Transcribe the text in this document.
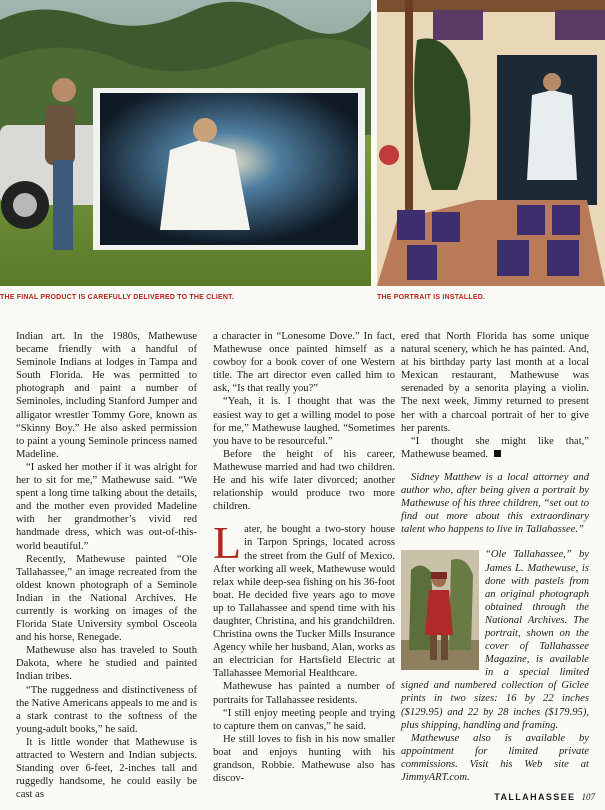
THE FINAL PRODUCT IS CAREFULLY DELIVERED TO THE CLIENT.	THE PORTRAIT IS INSTALLED.

Indian art. In the 1980s, Mathewuse became friendly with a handful of Seminole Indians at lodges in Tampa and South Florida. He was permitted to photograph and paint a number of Seminoles, including Stanford Jumper and alligator wrestler Tommy Gore, known as “Skinny Boy.” He also asked permission to paint a young Seminole princess named Madeline.

“I asked her mother if it was alright for her to sit for me,” Mathewuse said. “We spent a long time talking about the details, and the mother even provided Madeline with her grandmother’s vivid red handmade dress, which was out-of-this-world beautiful.”

Recently, Mathewuse painted “Ole Tallahassee,” an image recreated from the oldest known photograph of a Seminole Indian in the National Archives. He currently is working on images of the Florida State University symbol Osceola and his horse, Renegade.

Mathewuse also has traveled to South Dakota, where he studied and painted Indian tribes.

“The ruggedness and distinctiveness of the Native Americans appeals to me and is a stark contrast to the softness of the young-adult books,” he said.

It is little wonder that Mathewuse is attracted to Western and Indian subjects. Standing over 6-feet, 2-inches tall and ruggedly handsome, he could easily be cast as

a character in “Lonesome Dove.” In fact, Mathewuse once painted himself as a cowboy for a book cover of one Western title. The art director even called him to ask, “Is that really you?”

“Yeah, it is. I thought that was the easiest way to get a willing model to pose for me,” Mathewuse laughed. “Sometimes you have to be resourceful.”

Before the height of his career, Mathewuse married and had two children. He and his wife later divorced; another relationship would produce two more children.

Later, he bought a two-story house in Tarpon Springs, located across the street from the Gulf of Mexico. After working all week, Mathewuse would relax while deep-sea fishing on his 36-foot boat. He decided five years ago to move up to Tallahassee and spend time with his daughter, Christina, and his grandchildren. Christina owns the Tucker Mills Insurance Agency while her husband, Alan, works as an electrician for Hartsfield Electric at Tallahassee Memorial Healthcare.

Mathewuse has painted a number of portraits for Tallahassee residents.

“I still enjoy meeting people and trying to capture them on canvas,” he said.

He still loves to fish in his now smaller boat and enjoys hunting with his grandson, Robbie. Mathewuse also has discov-

ered that North Florida has some unique natural scenery, which he has painted. And, at his birthday party last month at a local Mexican restaurant, Mathewuse was serenaded by a senorita playing a violin. The next week, Jimmy returned to present her with a charcoal portrait of her to give her parents.

“I thought she might like that,” Mathewuse beamed.

Sidney Matthew is a local attorney and author who, after being given a portrait by Mathewuse of his three children, “set out to find out more about this extraordinary talent who happens to live in Tallahassee.”

“Ole Tallahassee,” by James L. Mathewuse, is done with pastels from an original photograph obtained through the National Archives. The portrait, shown on the cover of Tallahassee Magazine, is available in a special limited signed and numbered collection of Giclee prints in two sizes: 16 by 22 inches ($129.95) and 22 by 28 inches ($179.95), plus shipping, handling and framing.

Mathewuse also is available by appointment for limited private commissions. Visit his Web site at JimmyART.com.

TALLAHASSEE 107
